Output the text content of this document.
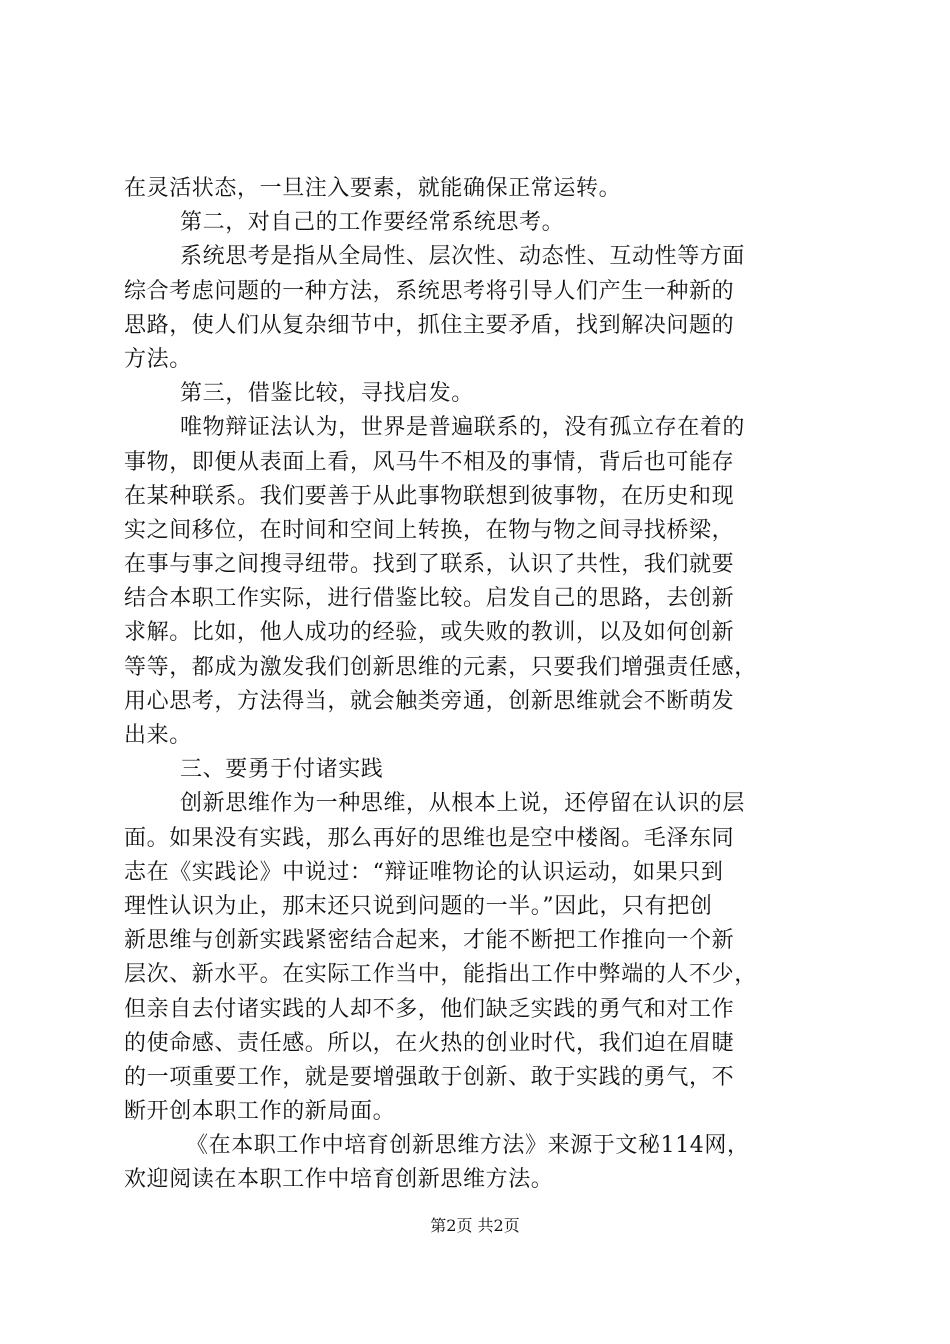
在灵活状态，一旦注入要素，就能确保正常运转。
第二，对自己的工作要经常系统思考。
系统思考是指从全局性、层次性、动态性、互动性等方面
综合考虑问题的一种方法，系统思考将引导人们产生一种新的
思路，使人们从复杂细节中，抓住主要矛盾，找到解决问题的
方法。
第三，借鉴比较，寻找启发。
唯物辩证法认为，世界是普遍联系的，没有孤立存在着的
事物，即便从表面上看，风马牛不相及的事情，背后也可能存
在某种联系。我们要善于从此事物联想到彼事物，在历史和现
实之间移位，在时间和空间上转换，在物与物之间寻找桥梁，
在事与事之间搜寻纽带。找到了联系，认识了共性，我们就要
结合本职工作实际，进行借鉴比较。启发自己的思路，去创新
求解。比如，他人成功的经验，或失败的教训，以及如何创新
等等，都成为激发我们创新思维的元素，只要我们增强责任感，
用心思考，方法得当，就会触类旁通，创新思维就会不断萌发
出来。
三、要勇于付诸实践
创新思维作为一种思维，从根本上说，还停留在认识的层
面。如果没有实践，那么再好的思维也是空中楼阁。毛泽东同
志在《实践论》中说过：“辩证唯物论的认识运动，如果只到
理性认识为止，那末还只说到问题的一半。”因此，只有把创
新思维与创新实践紧密结合起来，才能不断把工作推向一个新
层次、新水平。在实际工作当中，能指出工作中弊端的人不少，
但亲自去付诸实践的人却不多，他们缺乏实践的勇气和对工作
的使命感、责任感。所以，在火热的创业时代，我们迫在眉睫
的一项重要工作，就是要增强敢于创新、敢于实践的勇气，不
断开创本职工作的新局面。
《在本职工作中培育创新思维方法》来源于文秘114网，
欢迎阅读在本职工作中培育创新思维方法。
第2页 共2页
